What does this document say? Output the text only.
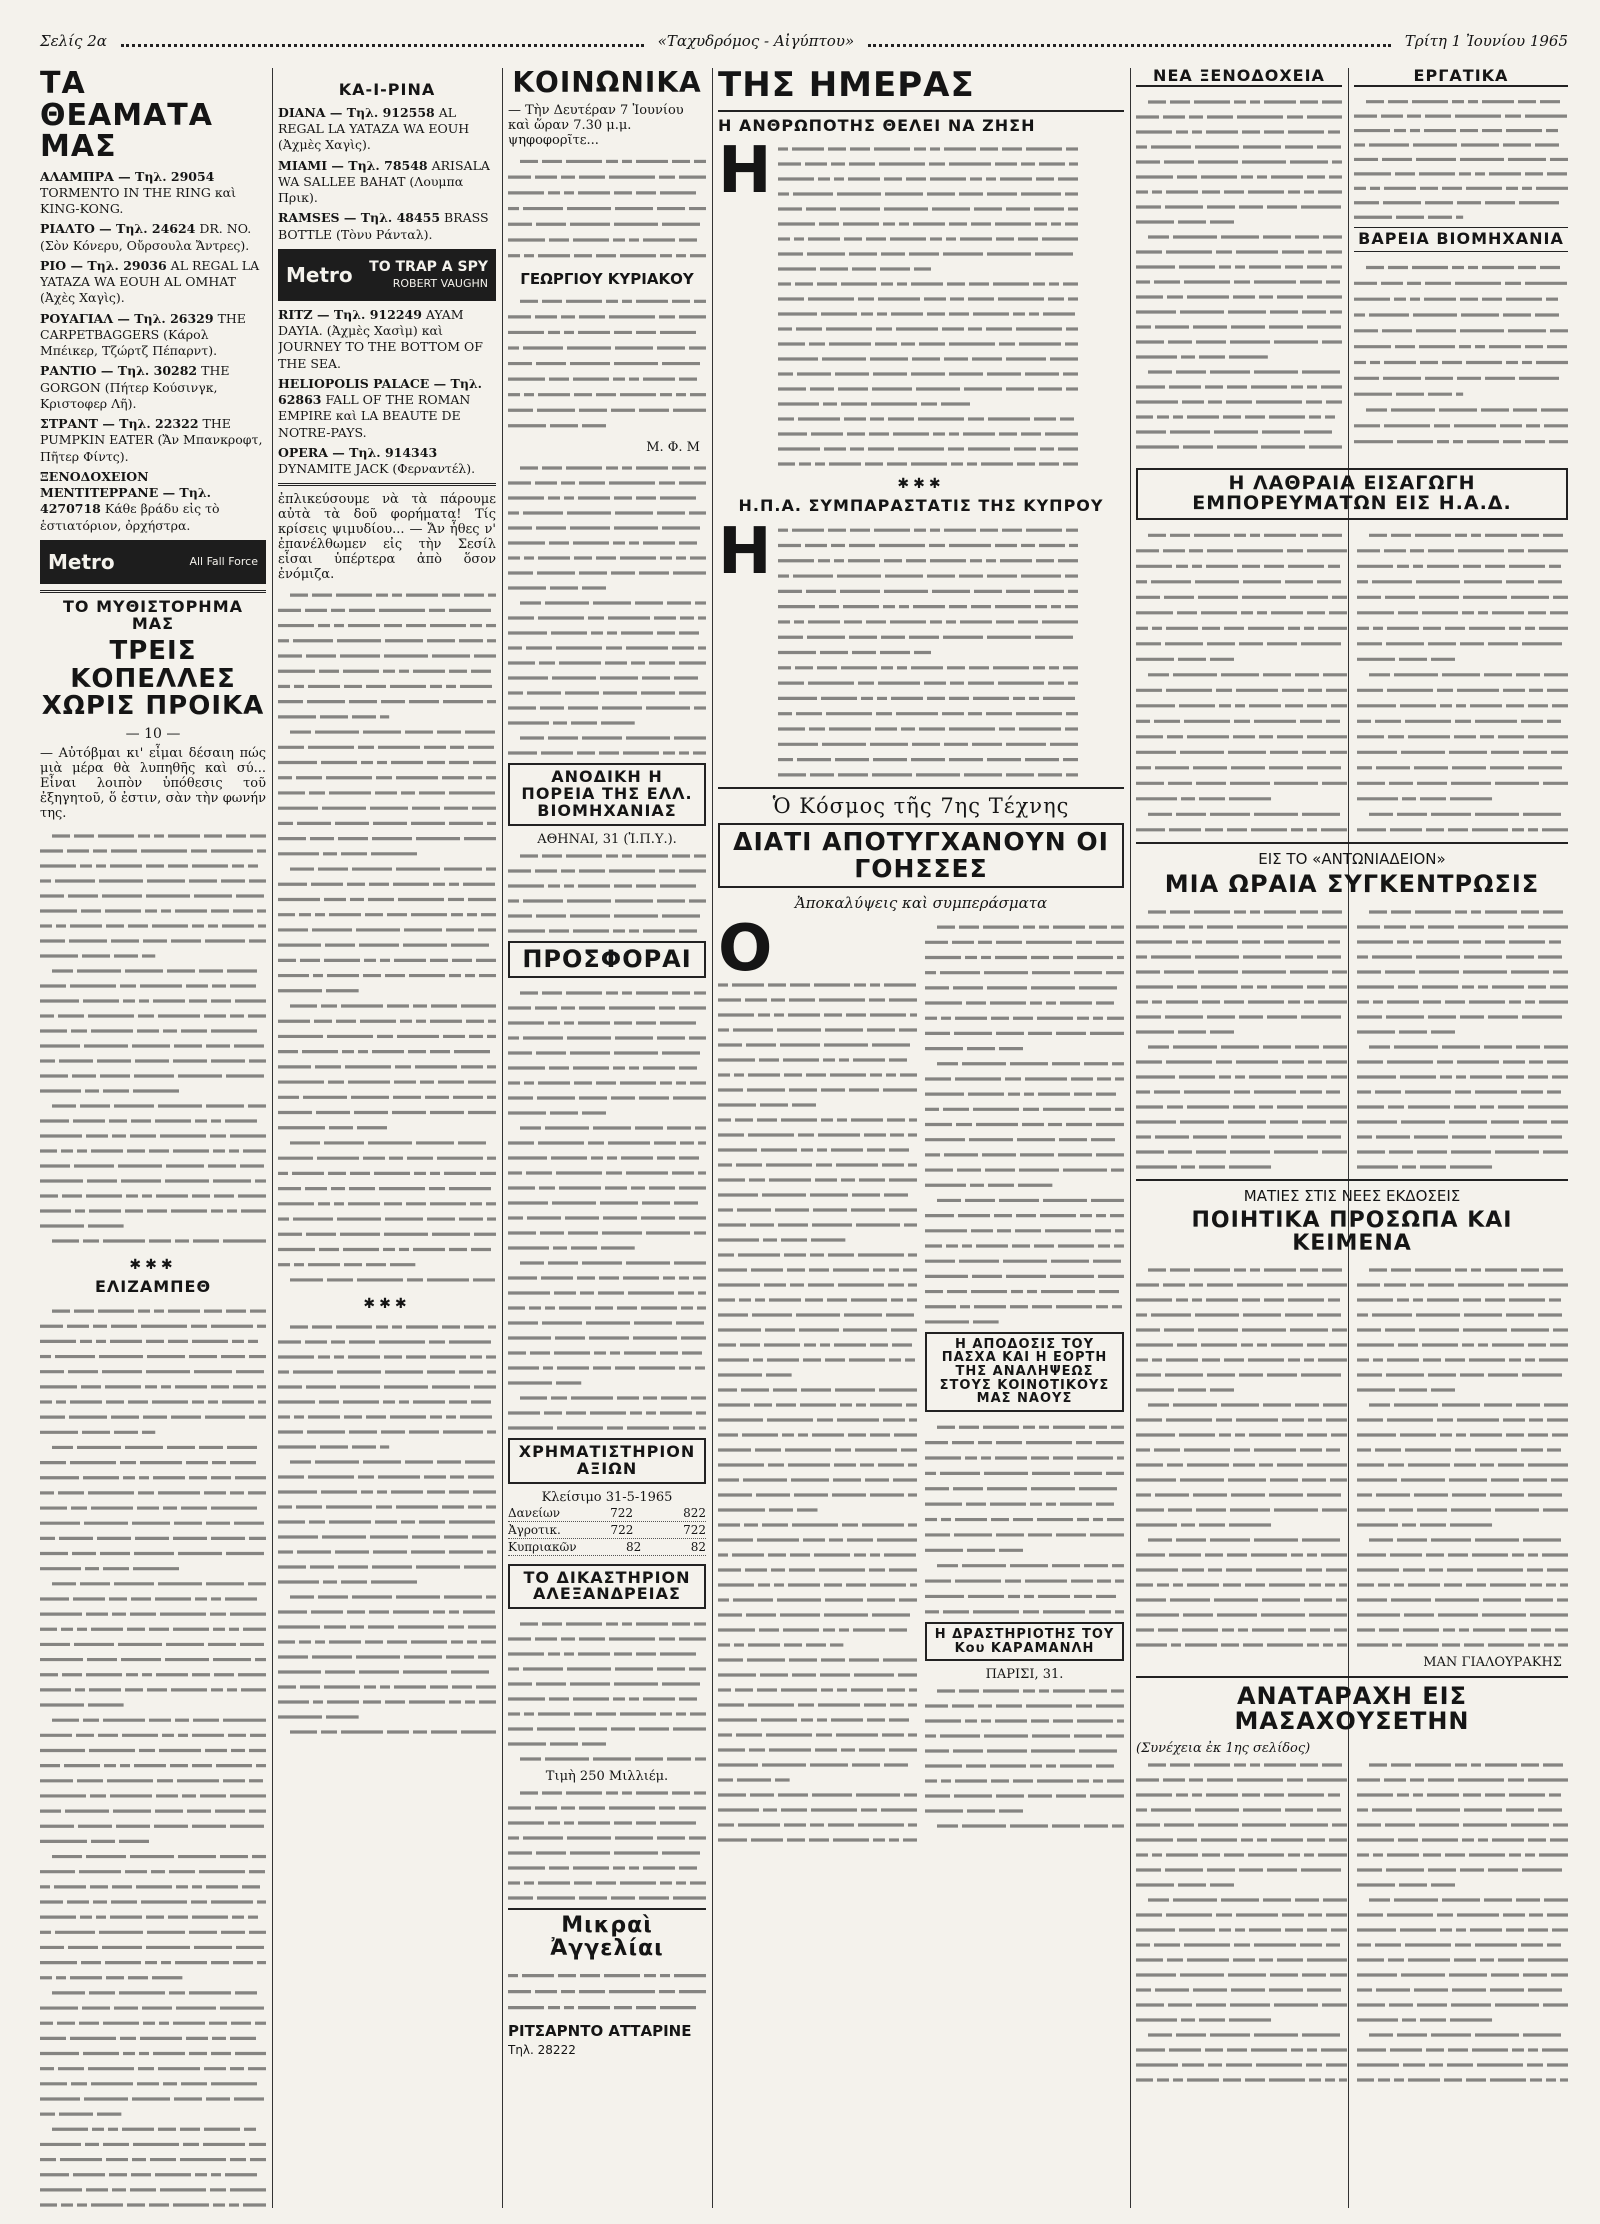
Σελίς 2α	«Ταχυδρόμος - Αἰγύπτου»	Τρίτη 1 Ἰουνίου 1965
ΤΑ ΘΕΑΜΑΤΑ ΜΑΣ
ΑΛΑΜΠΡΑ — Τηλ. 29054 TORMENTO IN THE RING καὶ KING-KONG.
ΡΙΑΛΤΟ — Τηλ. 24624 DR. NO. (Σὸν Κόνερυ, Οὔρσουλα Ἄντρες).
ΡΙΟ — Τηλ. 29036 AL REGAL LA YATAZA WA EOUH AL OMHAT (Ἀχὲς Χαγὶς).
ΡΟΥΑΓΙΑΛ — Τηλ. 26329 THE CARPETBAGGERS (Κάρολ Μπέικερ, Τζώρτζ Πέπαρντ).
ΡΑΝΤΙΟ — Τηλ. 30282 THE GORGON (Πήτερ Κούσινγκ, Κριστοφερ Λῆ).
ΣΤΡΑΝΤ — Τηλ. 22322 THE PUMPKIN EATER (Ἄν Μπανκροφτ, Πῆτερ Φίντς).
ΞΕΝΟΔΟΧΕΙΟΝ ΜΕΝΤΙΤΕΡΡΑΝΕ — Τηλ. 4270718 Κάθε βράδυ εἰς τὸ ἑστιατόριον, ὀρχήστρα.
Metro	All Fall Force
ΤΟ ΜΥΘΙΣΤΟΡΗΜΑ ΜΑΣ
ΤΡΕΙΣ ΚΟΠΕΛΛΕΣ ΧΩΡΙΣ ΠΡΟΙΚΑ
— 10 —
— Αὐτόβμαι κι' εἶμαι δέσαιη πώς μιὰ μέρα θὰ λυπηθῆς καὶ σύ... Εἶναι λοιπὸν ὑπόθεσις τοῦ ἐξηγητοῦ, ὅ ἐστιν, σὰν τὴν φωνήν της.
✱✱✱
ΕΛΙΖΑΜΠΕΘ
ΚΑ-Ι-ΡΙΝΑ
DIANA — Τηλ. 912558 AL REGAL LA YATAZA WA EOUH (Ἀχμὲς Χαγὶς).
ΜΙΑΜΙ — Τηλ. 78548 ARISALA WA SALLEE BAHAT (Λουμπα Πρικ).
RAMSES — Τηλ. 48455 BRASS BOTTLE (Τὸνυ Ράνταλ).
Metro TO TRAP A SPY
ROBERT VAUGHN
RITZ — Τηλ. 912249 AYAM DAYIA. (Ἀχμὲς Χασὶμ) καὶ JOURNEY TO THE BOTTOM OF THE SEA.
HELIOPOLIS PALACE — Τηλ. 62863 FALL OF THE ROMAN EMPIRE καὶ LA BEAUTE DE NOTRE-PAYS.
OPERA — Τηλ. 914343 DYNAMITE JACK (Φερναντέλ).
ἐπλικεύσουμε νὰ τὰ πάρουμε αὐτὰ τὰ δοῦ φορήματα! Τίς κρίσεις ψιμυδίου... — Ἄν ἦθες ν' ἐπανέλθωμεν εἰς τὴν Σεσίλ εἶσαι ὑπέρτερα ἀπὸ ὅσον ἐνόμιζα.
✱✱✱
ΚΟΙΝΩΝΙΚΑ
— Τὴν Δευτέραν 7 Ἰουνίου καὶ ὥραν 7.30 μ.μ. ψηφοφορῖτε...
ΓΕΩΡΓΙΟΥ ΚΥΡΙΑΚΟΥ
Μ. Φ. Μ
ΑΝΟΔΙΚΗ Η ΠΟΡΕΙΑ ΤΗΣ ΕΛΛ. ΒΙΟΜΗΧΑΝΙΑΣ
ΑΘΗΝΑΙ, 31 (Ἰ.Π.Υ.).
ΠΡΟΣΦΟΡΑΙ
ΧΡΗΜΑΤΙΣΤΗΡΙΟΝ ΑΞΙΩΝ
Κλείσιμο 31-5-1965
Δανείων	722	822
Ἀγροτικ.	722	722
Κυπριακῶν	82	82
ΤΟ ΔΙΚΑΣΤΗΡΙΟΝ ΑΛΕΞΑΝΔΡΕΙΑΣ
Τιμὴ 250 Μιλλιέμ.
Μικραὶ Ἀγγελίαι
ΡΙΤΣΑΡΝΤΟ ΑΤΤΑΡΙΝΕ Τηλ. 28222
ΤΗΣ ΗΜΕΡΑΣ
Η ΑΝΘΡΩΠΟΤΗΣ ΘΕΛΕΙ ΝΑ ΖΗΣΗ
Η
✱✱✱
Η.Π.Α. ΣΥΜΠΑΡΑΣΤΑΤΙΣ ΤΗΣ ΚΥΠΡΟΥ
Η
Ὁ Κόσμος τῆς 7ης Τέχνης
ΔΙΑΤΙ ΑΠΟΤΥΓΧΑΝΟΥΝ ΟΙ ΓΟΗΣΣΕΣ
Ἀποκαλύψεις καὶ συμπεράσματα
Ο
Η ΑΠΟΔΟΣΙΣ ΤΟΥ ΠΑΣΧΑ ΚΑΙ Η ΕΟΡΤΗ ΤΗΣ ΑΝΑΛΗΨΕΩΣ ΣΤΟΥΣ ΚΟΙΝΟΤΙΚΟΥΣ ΜΑΣ ΝΑΟΥΣ
Η ΔΡΑΣΤΗΡΙΟΤΗΣ ΤΟΥ Κου ΚΑΡΑΜΑΝΛΗ
ΠΑΡΙΣΙ, 31.
ΝΕΑ ΞΕΝΟΔΟΧΕΙΑ	ΕΡΓΑΤΙΚΑ
ΒΑΡΕΙΑ ΒΙΟΜΗΧΑΝΙΑ
Η ΛΑΘΡΑΙΑ ΕΙΣΑΓΩΓΗ ΕΜΠΟΡΕΥΜΑΤΩΝ ΕΙΣ Η.Α.Δ.
ΕΙΣ ΤΟ «ΑΝΤΩΝΙΑΔΕΙΟΝ»
ΜΙΑ ΩΡΑΙΑ ΣΥΓΚΕΝΤΡΩΣΙΣ
ΜΑΤΙΕΣ ΣΤΙΣ ΝΕΕΣ ΕΚΔΟΣΕΙΣ
ΠΟΙΗΤΙΚΑ ΠΡΟΣΩΠΑ ΚΑΙ ΚΕΙΜΕΝΑ
ΜΑΝ ΓΙΑΛΟΥΡΑΚΗΣ
ΑΝΑΤΑΡΑΧΗ ΕΙΣ ΜΑΣΑΧΟΥΣΕΤΗΝ
(Συνέχεια ἐκ 1ης σελίδος)
